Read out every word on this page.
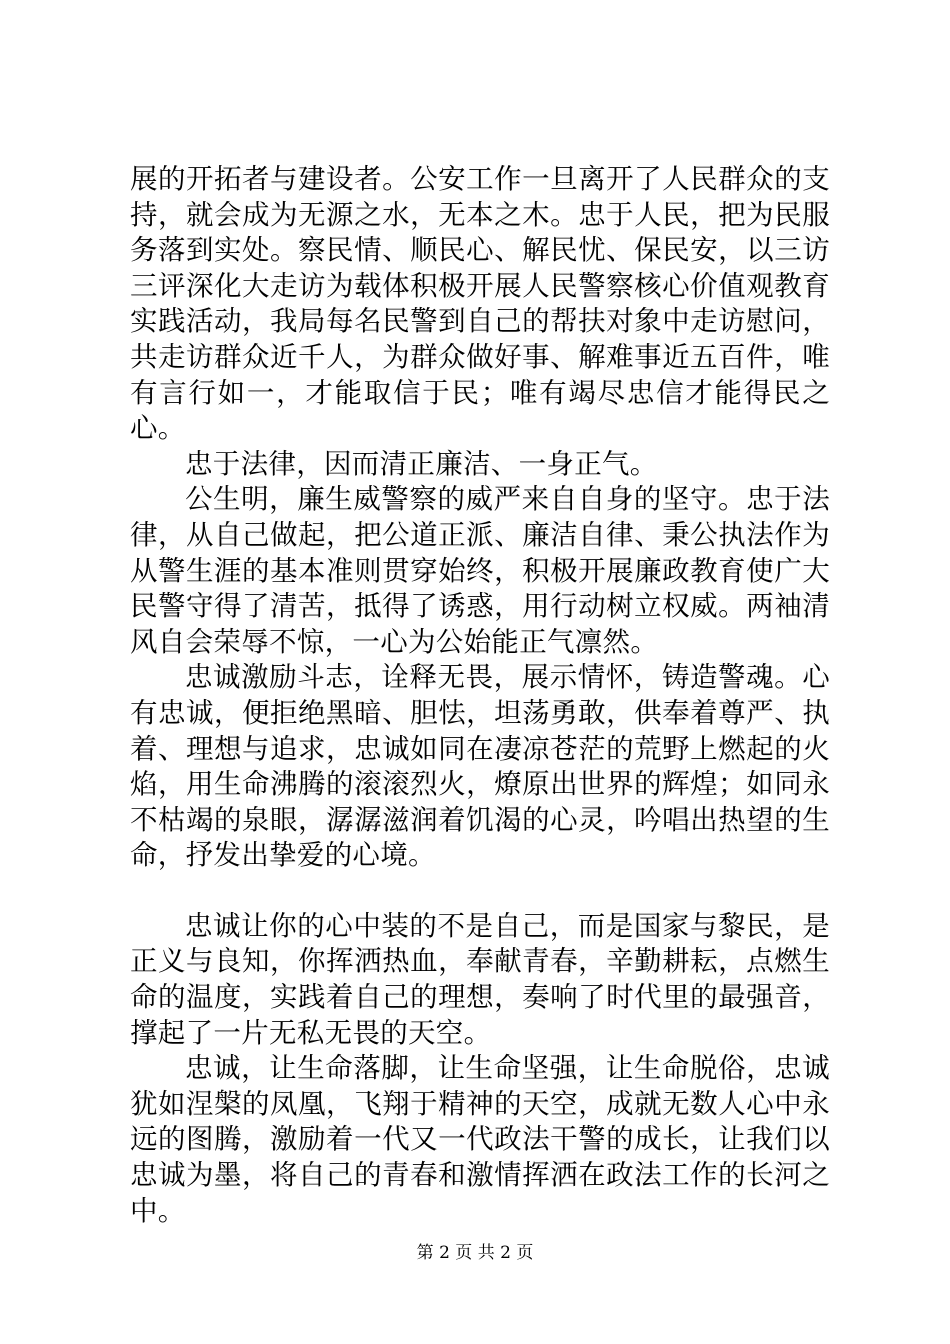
展的开拓者与建设者。公安工作一旦离开了人民群众的支持，就会成为无源之水，无本之木。忠于人民，把为民服务落到实处。察民情、顺民心、解民忧、保民安，以三访三评深化大走访为载体积极开展人民警察核心价值观教育实践活动，我局每名民警到自己的帮扶对象中走访慰问，共走访群众近千人，为群众做好事、解难事近五百件，唯有言行如一，才能取信于民；唯有竭尽忠信才能得民之心。

忠于法律，因而清正廉洁、一身正气。

公生明，廉生威警察的威严来自自身的坚守。忠于法律，从自己做起，把公道正派、廉洁自律、秉公执法作为从警生涯的基本准则贯穿始终，积极开展廉政教育使广大民警守得了清苦，抵得了诱惑，用行动树立权威。两袖清风自会荣辱不惊，一心为公始能正气凛然。

忠诚激励斗志，诠释无畏，展示情怀，铸造警魂。心有忠诚，便拒绝黑暗、胆怯，坦荡勇敢，供奉着尊严、执着、理想与追求，忠诚如同在凄凉苍茫的荒野上燃起的火焰，用生命沸腾的滚滚烈火，燎原出世界的辉煌；如同永不枯竭的泉眼，潺潺滋润着饥渴的心灵，吟唱出热望的生命，抒发出挚爱的心境。

忠诚让你的心中装的不是自己，而是国家与黎民，是正义与良知，你挥洒热血，奉献青春，辛勤耕耘，点燃生命的温度，实践着自己的理想，奏响了时代里的最强音，撑起了一片无私无畏的天空。

忠诚，让生命落脚，让生命坚强，让生命脱俗，忠诚犹如涅槃的凤凰，飞翔于精神的天空，成就无数人心中永远的图腾，激励着一代又一代政法干警的成长，让我们以忠诚为墨，将自己的青春和激情挥洒在政法工作的长河之中。

第 2 页 共 2 页
